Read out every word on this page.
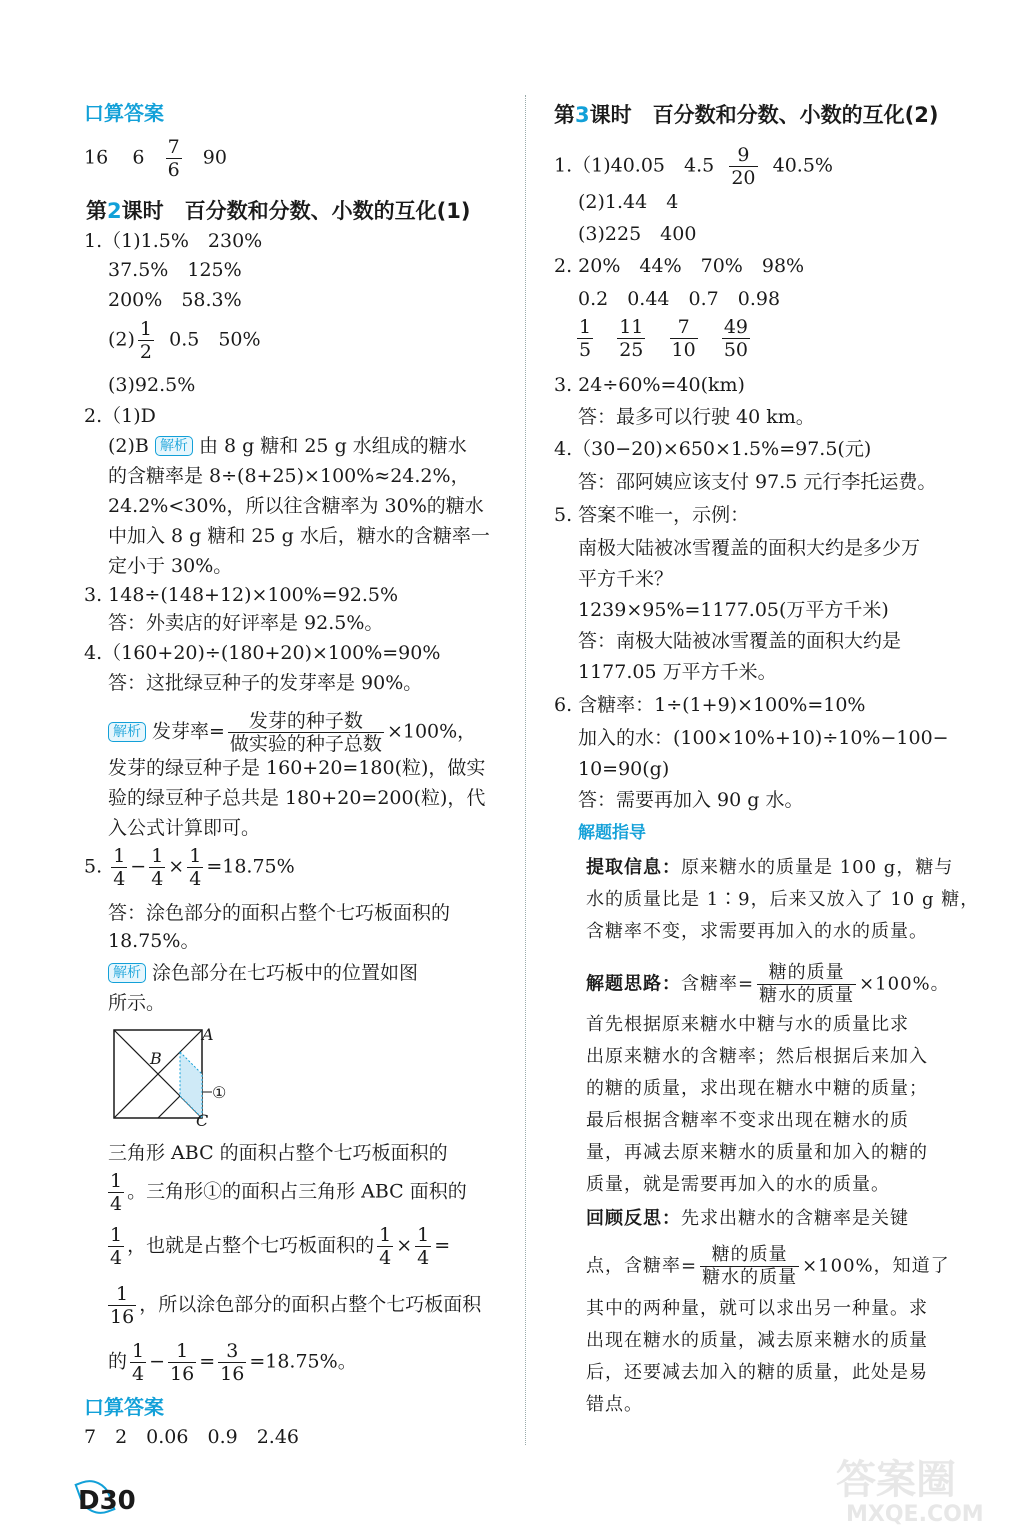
口算答案
16 $6 \frac{7}{6} 90$
第2课时　百分数和分数、小数的互化(1)
1.（1)1.5%　230%
37.5%　125%
200%　58.3%
$(2) \frac{1}{2} 0.5$　50%
(3)92.5%
2.（1)D
(2)B 解析 由 8 g 糖和 25 g 水组成的糖水
的含糖率是 8÷(8+25)×100%≈24.2%，
24.2%<30%，所以往含糖率为 30%的糖水
中加入 8 g 糖和 25 g 水后，糖水的含糖率一
定小于 30%。
3. 148÷(148+12)×100%=92.5%
答：外卖店的好评率是 92.5%。
4.（160+20)÷(180+20)×100%=90%
答：这批绿豆种子的发芽率是 90%。
解析 发芽率= $\frac{\text{发芽的种子数}}{\text{做实验的种子总数}} \times 100\%$，
发芽的绿豆种子是 160+20=180(粒)，做实
验的绿豆种子总共是 180+20=200(粒)，代
入公式计算即可。
5. $\frac{1}{4} - \frac{1}{4} \times \frac{1}{4} =18.75\%$
答：涂色部分的面积占整个七巧板面积的
18.75%。
解析 涂色部分在七巧板中的位置如图
所示。
A
B
①
C
三角形 ABC 的面积占整个七巧板面积的
$\frac{1}{4}$ 。三角形①的面积占三角形 ABC 面积的
$\frac{1}{4}$ ，也就是占整个七巧板面积的 $\frac{1}{4} \times \frac{1}{4}$ =
$\frac{1}{16}$ ，所以涂色部分的面积占整个七巧板面积
的 $\frac{1}{4} - \frac{1}{16} = \frac{3}{16} =18.75\%$。
口算答案
7　2　0.06　0.9　2.46
第3课时　百分数和分数、小数的互化(2)
1.（1)40.05　$4.5 \frac{9}{20} 40.5\%$
(2)1.44　4
(3)225　400
2. 20%　44%　70%　98%
0.2　0.44　0.7　0.98
$\frac{1}{5}$
$\frac{11}{25}$
$\frac{7}{10}$
$\frac{49}{50}$
3. 24÷60%=40(km)
答：最多可以行驶 40 km。
4.（30−20)×650×1.5%=97.5(元)
答：邵阿姨应该支付 97.5 元行李托运费。
5. 答案不唯一，示例：
南极大陆被冰雪覆盖的面积大约是多少万
平方千米？
1239×95%=1177.05(万平方千米)
答：南极大陆被冰雪覆盖的面积大约是
1177.05 万平方千米。
6. 含糖率：1÷(1+9)×100%=10%
加入的水：(100×10%+10)÷10%−100−
10=90(g)
答：需要再加入 90 g 水。
解题指导
提取信息：原来糖水的质量是 100 g，糖与
水的质量比是 1∶9，后来又放入了 10 g 糖，
含糖率不变，求需要再加入的水的质量。
解题思路：含糖率= $\frac{\text{糖的质量}}{\text{糖水的质量}} \times 100\%$。
首先根据原来糖水中糖与水的质量比求
出原来糖水的含糖率；然后根据后来加入
的糖的质量，求出现在糖水中糖的质量；
最后根据含糖率不变求出现在糖水的质
量，再减去原来糖水的质量和加入的糖的
质量，就是需要再加入的水的质量。
回顾反思：先求出糖水的含糖率是关键
点，含糖率= $\frac{\text{糖的质量}}{\text{糖水的质量}} \times 100\%$，知道了
其中的两种量，就可以求出另一种量。求
出现在糖水的质量，减去原来糖水的质量
后，还要减去加入的糖的质量，此处是易
错点。
D30	答案圈
MXQE.COM
